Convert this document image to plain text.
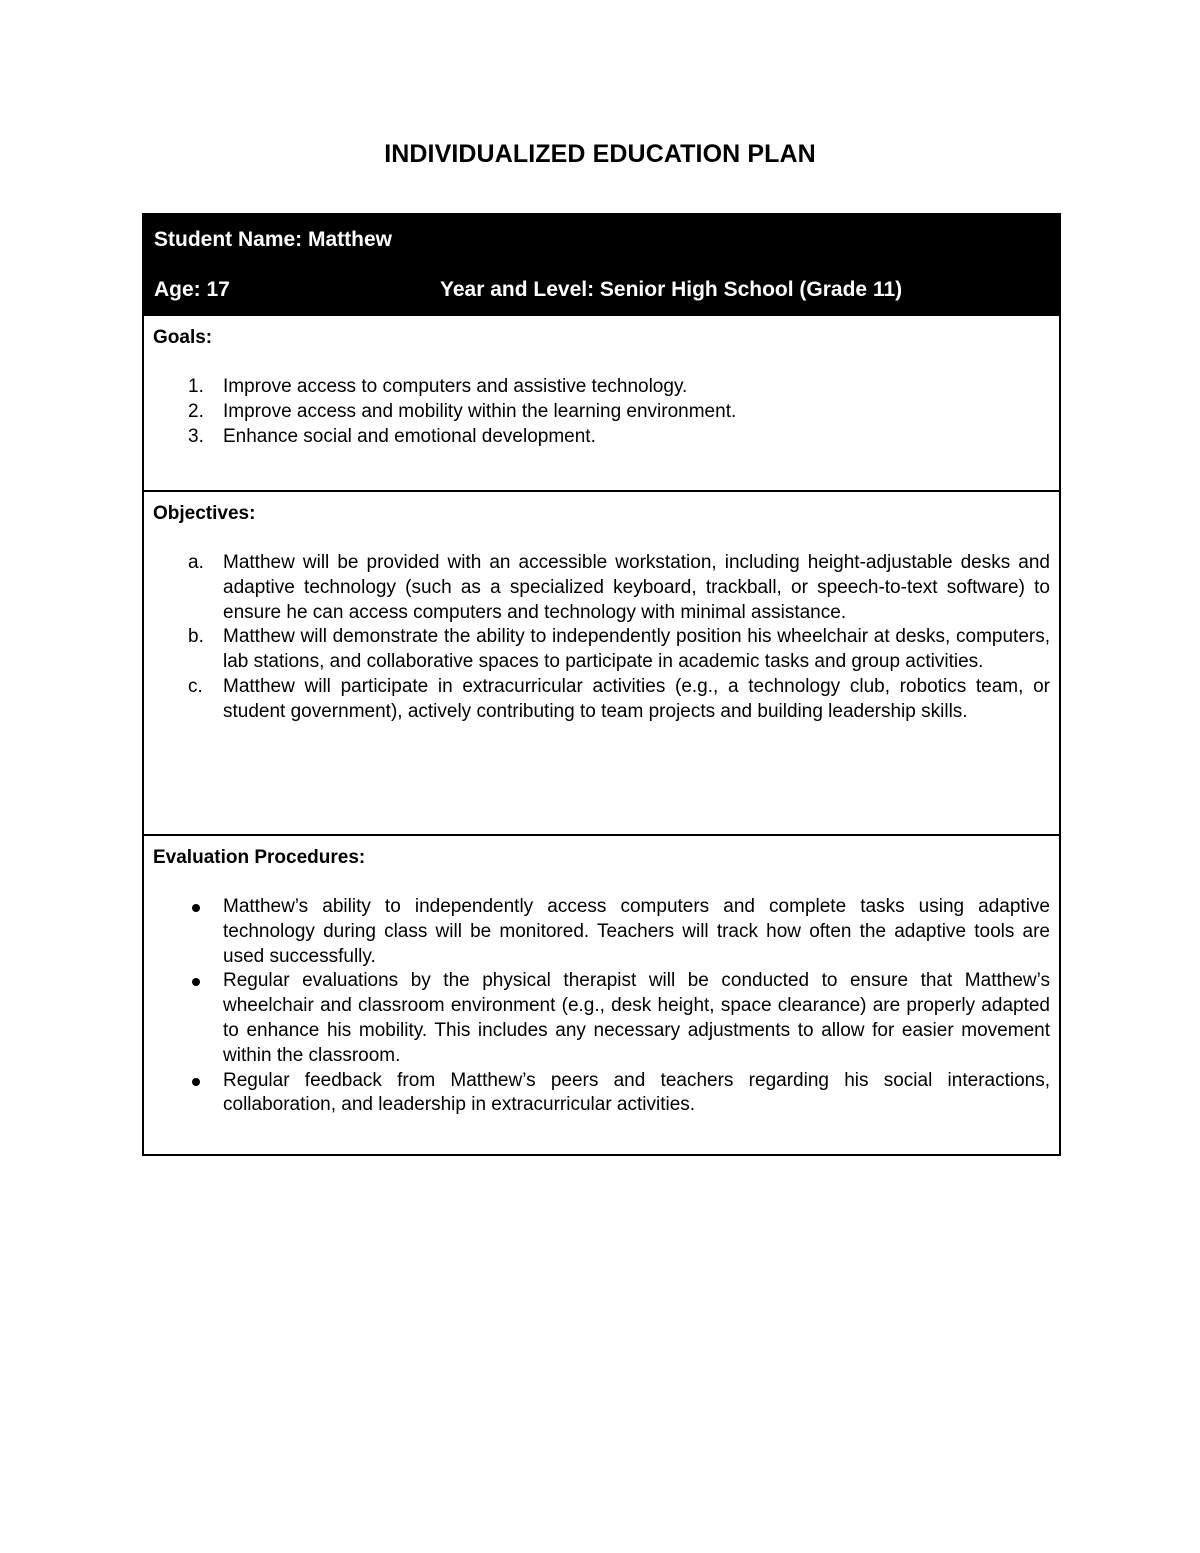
INDIVIDUALIZED EDUCATION PLAN
Student Name: Matthew
Age: 17	Year and Level: Senior High School (Grade 11)
Goals:
1. Improve access to computers and assistive technology.
2. Improve access and mobility within the learning environment.
3. Enhance social and emotional development.
Objectives:
a. Matthew will be provided with an accessible workstation, including height-adjustable desks and adaptive technology (such as a specialized keyboard, trackball, or speech-to-text software) to ensure he can access computers and technology with minimal assistance.
b. Matthew will demonstrate the ability to independently position his wheelchair at desks, computers, lab stations, and collaborative spaces to participate in academic tasks and group activities.
c. Matthew will participate in extracurricular activities (e.g., a technology club, robotics team, or student government), actively contributing to team projects and building leadership skills.
Evaluation Procedures:
Matthew’s ability to independently access computers and complete tasks using adaptive technology during class will be monitored. Teachers will track how often the adaptive tools are used successfully.
Regular evaluations by the physical therapist will be conducted to ensure that Matthew’s wheelchair and classroom environment (e.g., desk height, space clearance) are properly adapted to enhance his mobility. This includes any necessary adjustments to allow for easier movement within the classroom.
Regular feedback from Matthew’s peers and teachers regarding his social interactions, collaboration, and leadership in extracurricular activities.
